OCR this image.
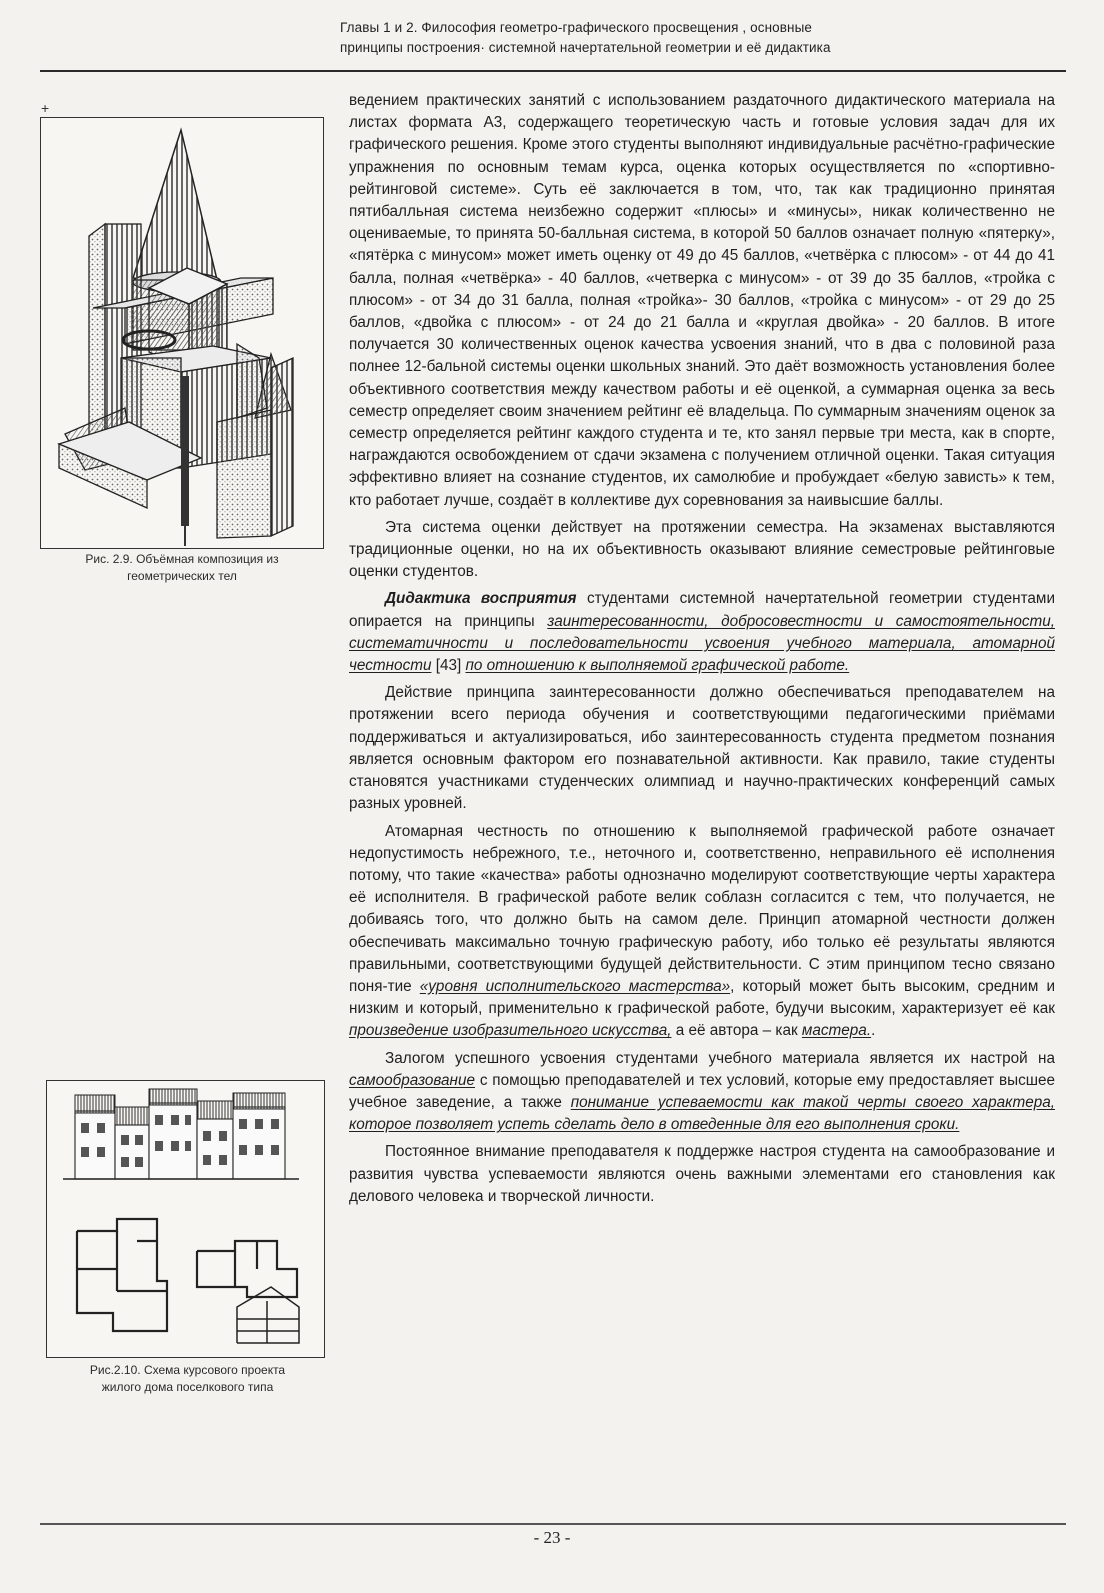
Главы 1 и 2. Философия геометро-графического просвещения , основные
принципы построения· системной начертательной геометрии и её дидактика
+
Рис. 2.9. Объёмная композиция из
геометрических тел
Рис.2.10. Схема курсового проекта
жилого дома поселкового типа

ведением практических занятий с использованием раздаточного дидактического материала на листах формата А3, содержащего теоретическую часть и готовые условия задач для их графического решения. Кроме этого студенты выполняют индивидуальные расчётно-графические упражнения по основным темам курса, оценка которых осуществляется по «спортивно-рейтинговой системе». Суть её заключается в том, что, так как традиционно принятая пятибалльная система неизбежно содержит «плюсы» и «минусы», никак количественно не оцениваемые, то принята 50-балльная система, в которой 50 баллов означает полную «пятерку», «пятёрка с минусом» может иметь оценку от 49 до 45 баллов, «четвёрка с плюсом» - от 44 до 41 балла, полная «четвёрка» - 40 баллов, «четверка с минусом» - от 39 до 35 баллов, «тройка с плюсом» - от 34 до 31 балла, полная «тройка»- 30 баллов, «тройка с минусом» - от 29 до 25 баллов, «двойка с плюсом» - от 24 до 21 балла и «круглая двойка» - 20 баллов. В итоге получается 30 количественных оценок качества усвоения знаний, что в два с половиной раза полнее 12-бальной системы оценки школьных знаний. Это даёт возможность установления более объективного соответствия между качеством работы и её оценкой, а суммарная оценка за весь семестр определяет своим значением рейтинг её владельца. По суммарным значениям оценок за семестр определяется рейтинг каждого студента и те, кто занял первые три места, как в спорте, награждаются освобождением от сдачи экзамена с получением отличной оценки. Такая ситуация эффективно влияет на сознание студентов, их самолюбие и пробуждает «белую зависть» к тем, кто работает лучше, создаёт в коллективе дух соревнования за наивысшие баллы.

Эта система оценки действует на протяжении семестра. На экзаменах выставляются традиционные оценки, но на их объективность оказывают влияние семестровые рейтинговые оценки студентов.

Дидактика восприятия студентами системной начертательной геометрии студентами опирается на принципы заинтересованности, добросовестности и самостоятельности, систематичности и последовательности усвоения учебного материала, атомарной честности [43] по отношению к выполняемой графической работе.

Действие принципа заинтересованности должно обеспечиваться преподавателем на протяжении всего периода обучения и соответствующими педагогическими приёмами поддерживаться и актуализироваться, ибо заинтересованность студента предметом познания является основным фактором его познавательной активности. Как правило, такие студенты становятся участниками студенческих олимпиад и научно-практических конференций самых разных уровней.

Атомарная честность по отношению к выполняемой графической работе означает недопустимость небрежного, т.е., неточного и, соответственно, неправильного её исполнения потому, что такие «качества» работы однозначно моделируют соответствующие черты характера её исполнителя. В графической работе велик соблазн согласится с тем, что получается, не добиваясь того, что должно быть на самом деле. Принцип атомарной честности должен обеспечивать максимально точную графическую работу, ибо только её результаты являются правильными, соответствующими будущей действительности. С этим принципом тесно связано поня-тие «уровня исполнительского мастерства», который может быть высоким, средним и низким и который, применительно к графической работе, будучи высоким, характеризует её как произведение изобразительного искусства, а её автора – как мастера..

Залогом успешного усвоения студентами учебного материала является их настрой на самообразование с помощью преподавателей и тех условий, которые ему предоставляет высшее учебное заведение, а также понимание успеваемости как такой черты своего характера, которое позволяет успеть сделать дело в отведенные для его выполнения сроки.

Постоянное внимание преподавателя к поддержке настроя студента на самообразование и развития чувства успеваемости являются очень важными элементами его становления как делового человека и творческой личности.

- 23 -
